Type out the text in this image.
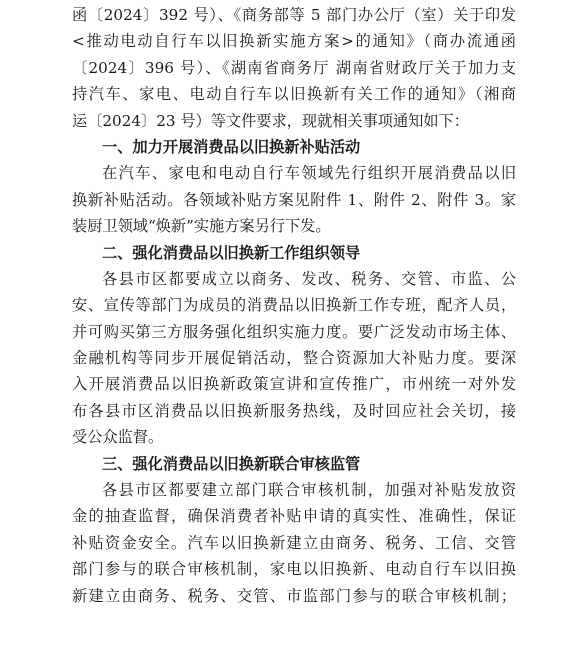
函〔2024〕392 号）、《商务部等 5 部门办公厅（室）关于印发
<推动电动自行车以旧换新实施方案>的通知》（商办流通函
〔2024〕396 号）、《湖南省商务厅 湖南省财政厅关于加力支
持汽车、家电、电动自行车以旧换新有关工作的通知》（湘商
运〔2024〕23 号）等文件要求，现就相关事项通知如下：
一、加力开展消费品以旧换新补贴活动
在汽车、家电和电动自行车领域先行组织开展消费品以旧
换新补贴活动。各领域补贴方案见附件 1、附件 2、附件 3。家
装厨卫领域“焕新”实施方案另行下发。
二、强化消费品以旧换新工作组织领导
各县市区都要成立以商务、发改、税务、交管、市监、公
安、宣传等部门为成员的消费品以旧换新工作专班，配齐人员，
并可购买第三方服务强化组织实施力度。要广泛发动市场主体、
金融机构等同步开展促销活动，整合资源加大补贴力度。要深
入开展消费品以旧换新政策宣讲和宣传推广，市州统一对外发
布各县市区消费品以旧换新服务热线，及时回应社会关切，接
受公众监督。
三、强化消费品以旧换新联合审核监管
各县市区都要建立部门联合审核机制，加强对补贴发放资
金的抽查监督，确保消费者补贴申请的真实性、准确性，保证
补贴资金安全。汽车以旧换新建立由商务、税务、工信、交管
部门参与的联合审核机制，家电以旧换新、电动自行车以旧换
新建立由商务、税务、交管、市监部门参与的联合审核机制；
